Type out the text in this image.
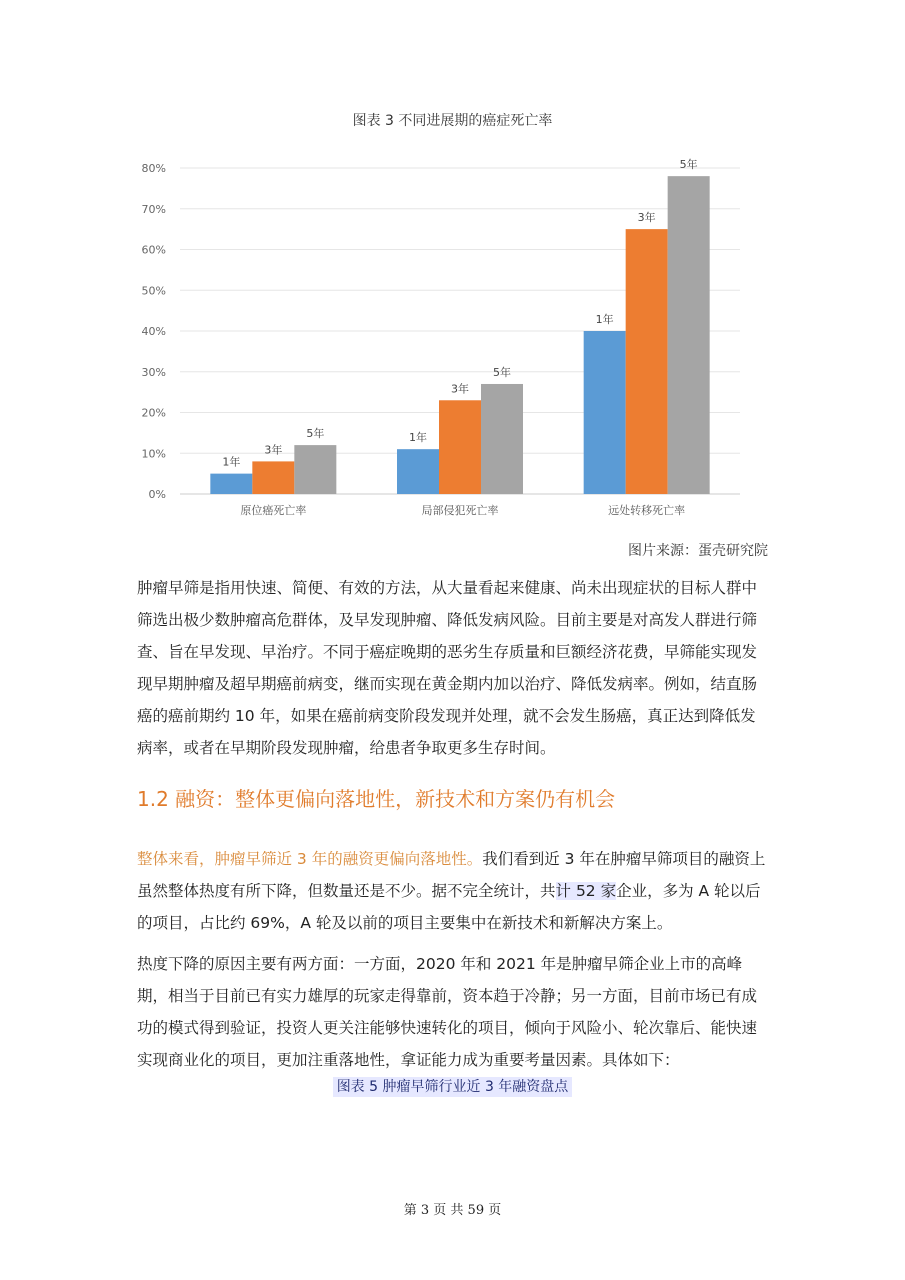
图表 3 不同进展期的癌症死亡率
0%
10%
20%
30%
40%
50%
60%
70%
80%
1年
3年
5年	1年
3年
5年
1年
3年
5年
原位癌死亡率	局部侵犯死亡率	远处转移死亡率
图片来源：蛋壳研究院

肿瘤早筛是指用快速、简便、有效的方法，从大量看起来健康、尚未出现症状的目标人群中筛选出极少数肿瘤高危群体，及早发现肿瘤、降低发病风险。目前主要是对高发人群进行筛查、旨在早发现、早治疗。不同于癌症晚期的恶劣生存质量和巨额经济花费，早筛能实现发现早期肿瘤及超早期癌前病变，继而实现在黄金期内加以治疗、降低发病率。例如，结直肠癌的癌前期约 10 年，如果在癌前病变阶段发现并处理，就不会发生肠癌，真正达到降低发病率，或者在早期阶段发现肿瘤，给患者争取更多生存时间。

1.2 融资：整体更偏向落地性，新技术和方案仍有机会

整体来看，肿瘤早筛近 3 年的融资更偏向落地性。我们看到近 3 年在肿瘤早筛项目的融资上虽然整体热度有所下降，但数量还是不少。据不完全统计，共计 52 家企业，多为 A 轮以后的项目，占比约 69%，A 轮及以前的项目主要集中在新技术和新解决方案上。

热度下降的原因主要有两方面：一方面，2020 年和 2021 年是肿瘤早筛企业上市的高峰期，相当于目前已有实力雄厚的玩家走得靠前，资本趋于冷静；另一方面，目前市场已有成功的模式得到验证，投资人更关注能够快速转化的项目，倾向于风险小、轮次靠后、能快速实现商业化的项目，更加注重落地性，拿证能力成为重要考量因素。具体如下：

图表 5 肿瘤早筛行业近 3 年融资盘点
第 3 页 共 59 页
